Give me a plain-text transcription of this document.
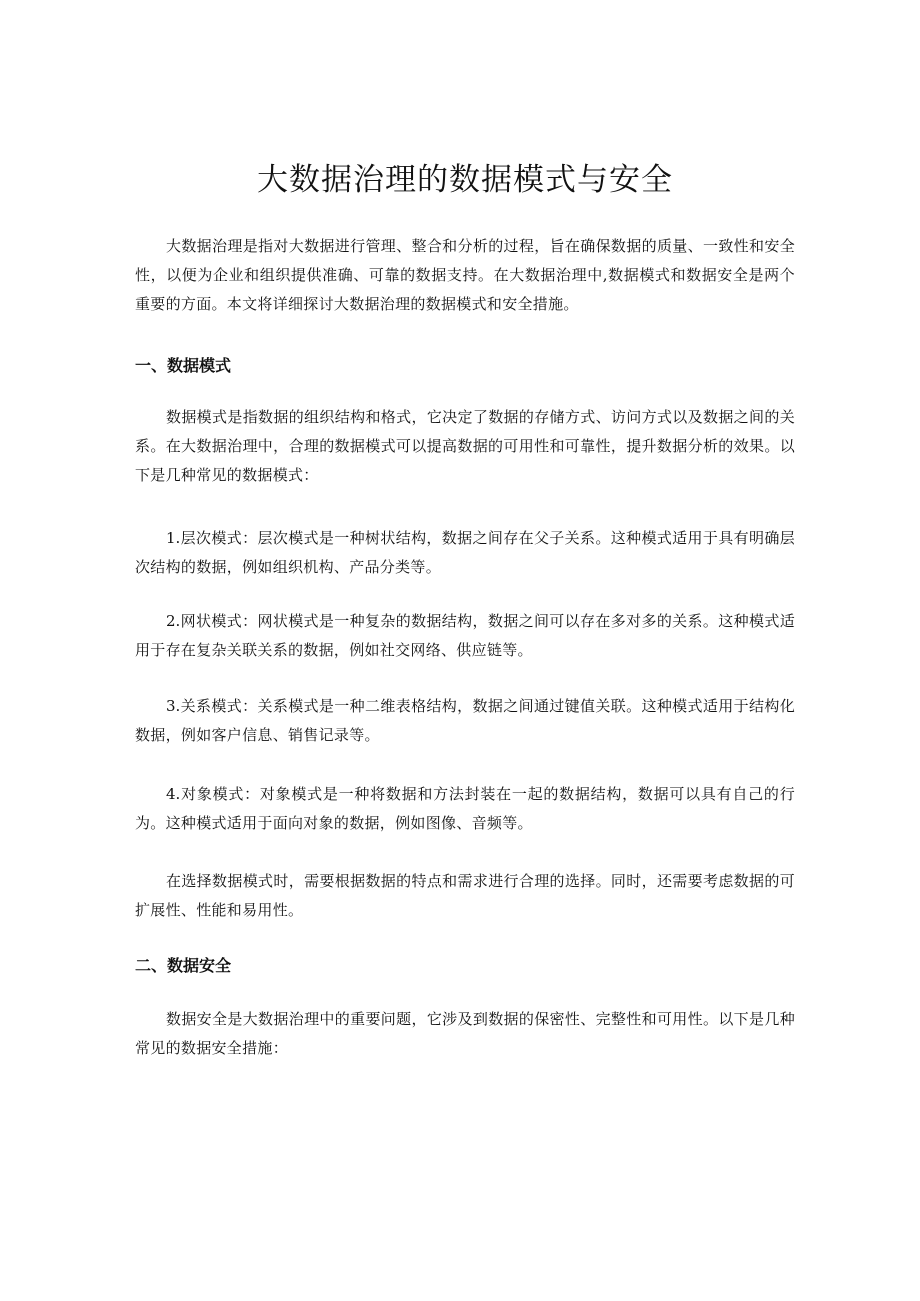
大数据治理的数据模式与安全

大数据治理是指对大数据进行管理、整合和分析的过程，旨在确保数据的质量、一致性和安全性，以便为企业和组织提供准确、可靠的数据支持。在大数据治理中,数据模式和数据安全是两个重要的方面。本文将详细探讨大数据治理的数据模式和安全措施。

一、数据模式

数据模式是指数据的组织结构和格式，它决定了数据的存储方式、访问方式以及数据之间的关系。在大数据治理中，合理的数据模式可以提高数据的可用性和可靠性，提升数据分析的效果。以下是几种常见的数据模式：

1.层次模式：层次模式是一种树状结构，数据之间存在父子关系。这种模式适用于具有明确层次结构的数据，例如组织机构、产品分类等。

2.网状模式：网状模式是一种复杂的数据结构，数据之间可以存在多对多的关系。这种模式适用于存在复杂关联关系的数据，例如社交网络、供应链等。

3.关系模式：关系模式是一种二维表格结构，数据之间通过键值关联。这种模式适用于结构化数据，例如客户信息、销售记录等。

4.对象模式：对象模式是一种将数据和方法封装在一起的数据结构，数据可以具有自己的行为。这种模式适用于面向对象的数据，例如图像、音频等。

在选择数据模式时，需要根据数据的特点和需求进行合理的选择。同时，还需要考虑数据的可扩展性、性能和易用性。

二、数据安全

数据安全是大数据治理中的重要问题，它涉及到数据的保密性、完整性和可用性。以下是几种常见的数据安全措施：
